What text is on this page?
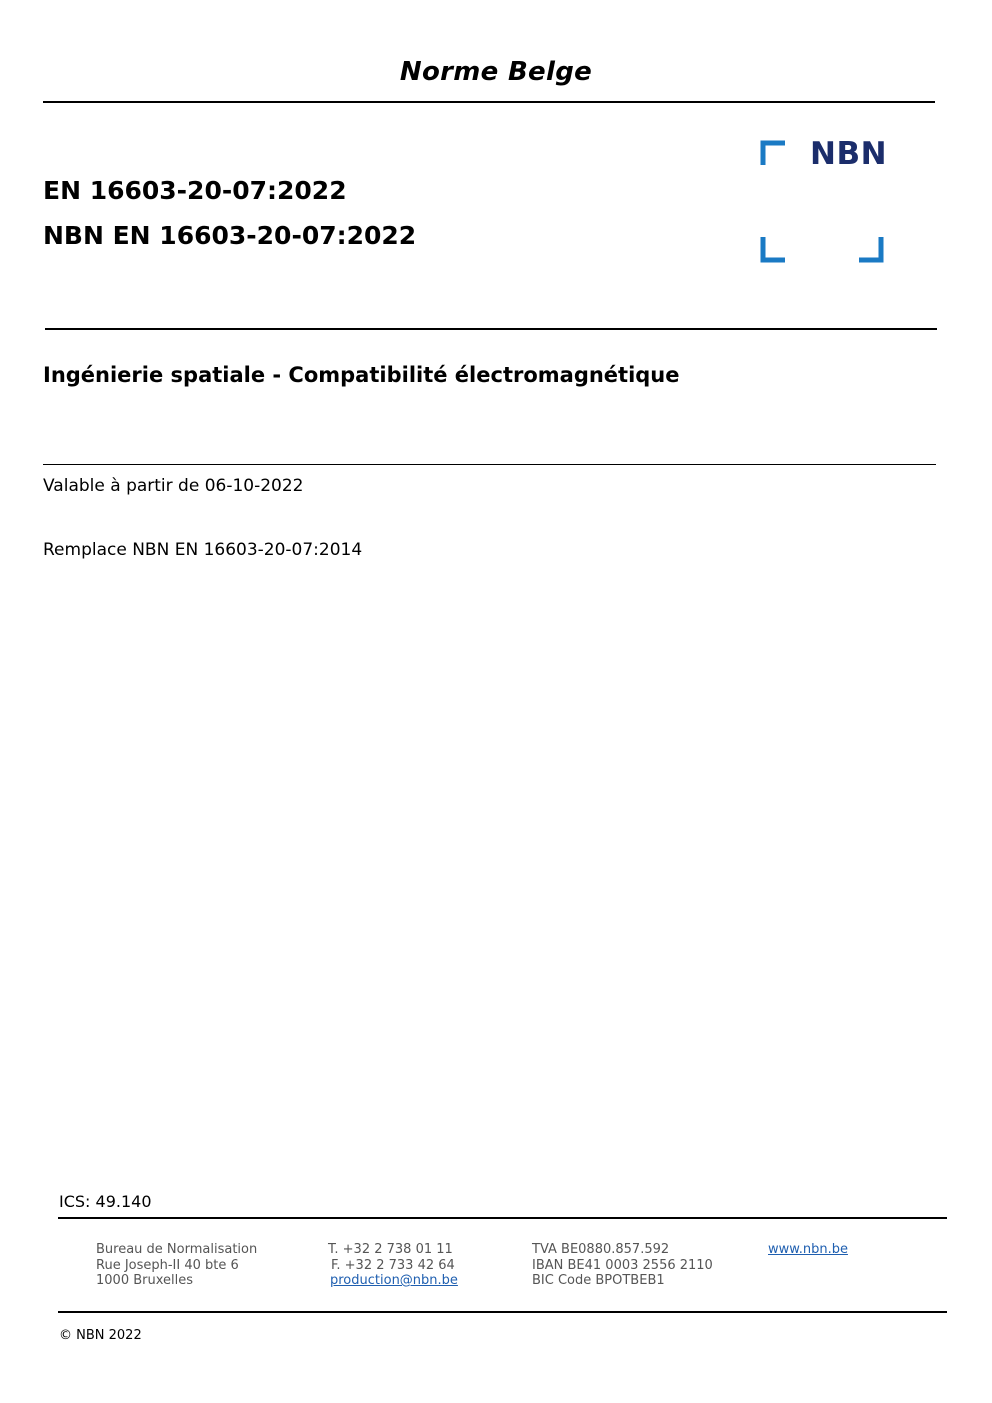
Norme Belge
EN 16603-20-07:2022
NBN EN 16603-20-07:2022
NBN
Ingénierie spatiale - Compatibilité électromagnétique
Valable à partir de 06-10-2022
Remplace NBN EN 16603-20-07:2014
ICS: 49.140
Bureau de Normalisation
Rue Joseph-II 40 bte 6
1000 Bruxelles
T. +32 2 738 01 11
F. +32 2 733 42 64
production@nbn.be
TVA BE0880.857.592
IBAN BE41 0003 2556 2110
BIC Code BPOTBEB1
www.nbn.be
© NBN 2022
